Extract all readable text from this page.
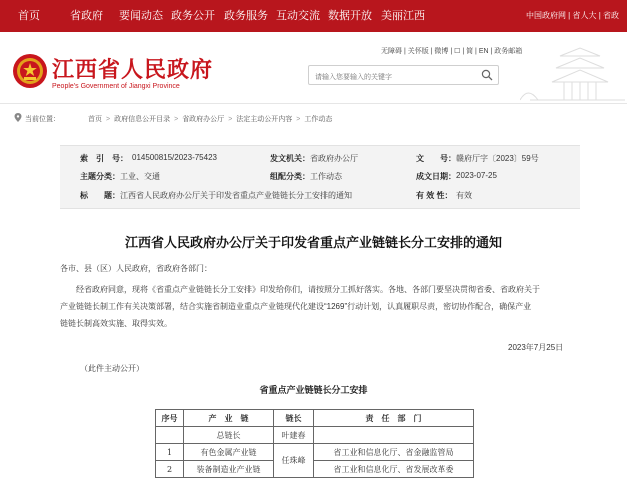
首页	省政府 要闻动态 政务公开 政务服务 互动交流 数据开放 美丽江西	中国政府网 | 省人大 | 省政
江西省人民政府
People's Government of Jiangxi Province
无障碍 | 关怀版 | 微博 | ☐ | 简 | EN | 政务邮箱
请输入您要输入的关键字
当前位置：	首页 > 政府信息公开目录 > 省政府办公厅 > 法定主动公开内容 > 工作动态
索　引　号： 014500815/2023-75423	发文机关： 省政府办公厅	文　　号： 赣府厅字〔2023〕59号
主题分类： 工业、交通	成文日期： 2023-07-25
组配分类： 工作动态
标　　题： 江西省人民政府办公厅关于印发省重点产业链链长分工安排的通知	有 效 性： 有效
江西省人民政府办公厅关于印发省重点产业链链长分工安排的通知
各市、县（区）人民政府，省政府各部门：
经省政府同意，现将《省重点产业链链长分工安排》印发给你们，请按照分工抓好落实。各地、各部门要坚决贯彻省委、省政府关于
产业链链长制工作有关决策部署，结合实施省制造业重点产业链现代化建设“1269”行动计划，认真履职尽责，密切协作配合，确保产业
链链长制高效实施、取得实效。
2023年7月25日
（此件主动公开）
省重点产业链链长分工安排
序号	产　业　链	链长	责　任　部　门
	总链长	叶建春	
1	有色金属产业链	任珠峰	省工业和信息化厅、省金融监管局
2	装备制造业产业链		省工业和信息化厅、省发展改革委
